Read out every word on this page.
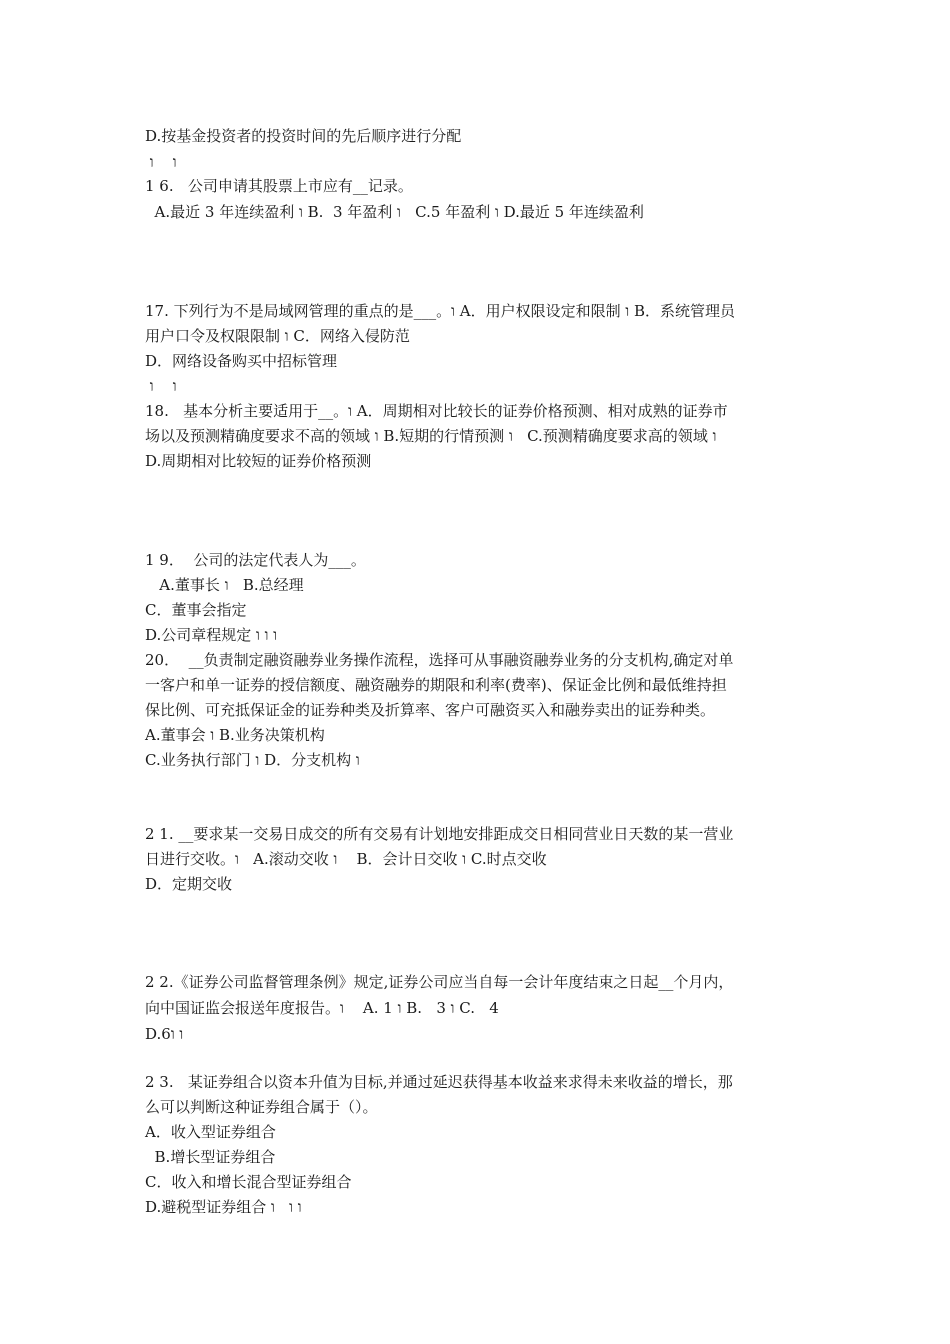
D.按基金投资者的投资时间的先后顺序进行分配
ו    ו
1 6.   公司申请其股票上市应有__记录。
A.最近 3 年连续盈利 ו B.  3 年盈利 ו   C.5 年盈利 ו D.最近 5 年连续盈利
17. 下列行为不是局域网管理的重点的是___。ו A．用户权限设定和限制 ו B．系统管理员
用户口令及权限限制 ו C．网络入侵防范
D．网络设备购买中招标管理
ו    ו
18.   基本分析主要适用于__。ו A．周期相对比较长的证券价格预测、相对成熟的证券市
场以及预测精确度要求不高的领域 ו B.短期的行情预测 ו   C.预测精确度要求高的领域 ו
D.周期相对比较短的证券价格预测
1 9．  公司的法定代表人为___。
A.董事长 ו   B.总经理
C．董事会指定
D.公司章程规定 ו ו ו
20．  __负责制定融资融券业务操作流程，选择可从事融资融券业务的分支机构,确定对单
一客户和单一证券的授信额度、融资融券的期限和利率(费率)、保证金比例和最低维持担
保比例、可充抵保证金的证券种类及折算率、客户可融资买入和融券卖出的证券种类。
A.董事会 ו B.业务决策机构
C.业务执行部门 ו D．分支机构 ו
2 1. __要求某一交易日成交的所有交易有计划地安排距成交日相同营业日天数的某一营业
日进行交收。ו   A.滚动交收 ו    B．会计日交收 ו C.时点交收
D．定期交收
2 2.《证券公司监督管理条例》规定,证券公司应当自每一会计年度结束之日起__个月内，
向中国证监会报送年度报告。ו    A. 1 ו B.   3 ו C.   4
D.6ו ו
2 3.   某证券组合以资本升值为目标,并通过延迟获得基本收益来求得未来收益的增长，那
么可以判断这种证券组合属于（）。
A．收入型证券组合
B.增长型证券组合
C．收入和增长混合型证券组合
D.避税型证券组合 ו ו   ו
